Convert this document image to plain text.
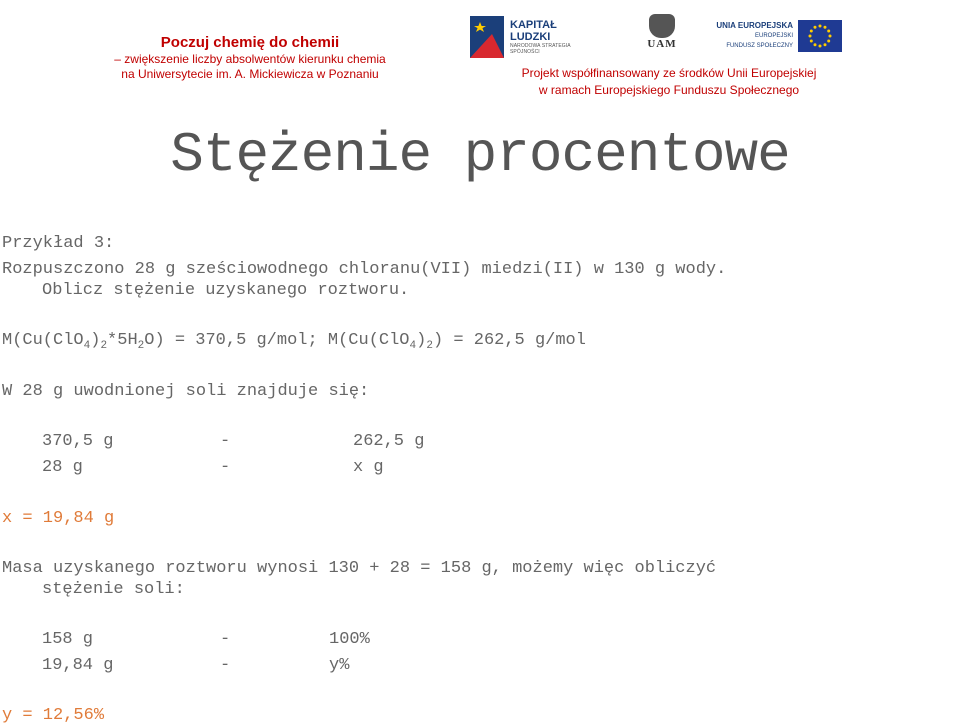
Poczuj chemię do chemii
– zwiększenie liczby absolwentów kierunku chemia
na Uniwersytecie im. A. Mickiewicza w Poznaniu
KAPITAŁ LUDZKI
NARODOWA STRATEGIA SPÓJNOŚCI
UAM
UNIA EUROPEJSKA
EUROPEJSKI
FUNDUSZ SPOŁECZNY
Projekt współfinansowany ze środków Unii Europejskiej
w ramach Europejskiego Funduszu Społecznego
Stężenie procentowe
Przykład 3:
Rozpuszczono 28 g sześciowodnego chloranu(VII) miedzi(II) w 130 g wody.
Oblicz stężenie uzyskanego roztworu.
$M(Cu(ClO_4)_2*5H_2O) = 370,5$ g/mol; $M(Cu(ClO_4)_2) = 262,5$ g/mol
W 28 g uwodnionej soli znajduje się:
370,5 g	-	262,5 g
28 g	-	x g
x = 19,84 g
Masa uzyskanego roztworu wynosi 130 + 28 = 158 g, możemy więc obliczyć
stężenie soli:
158 g	-	100%
19,84 g	-	y%
y = 12,56%
